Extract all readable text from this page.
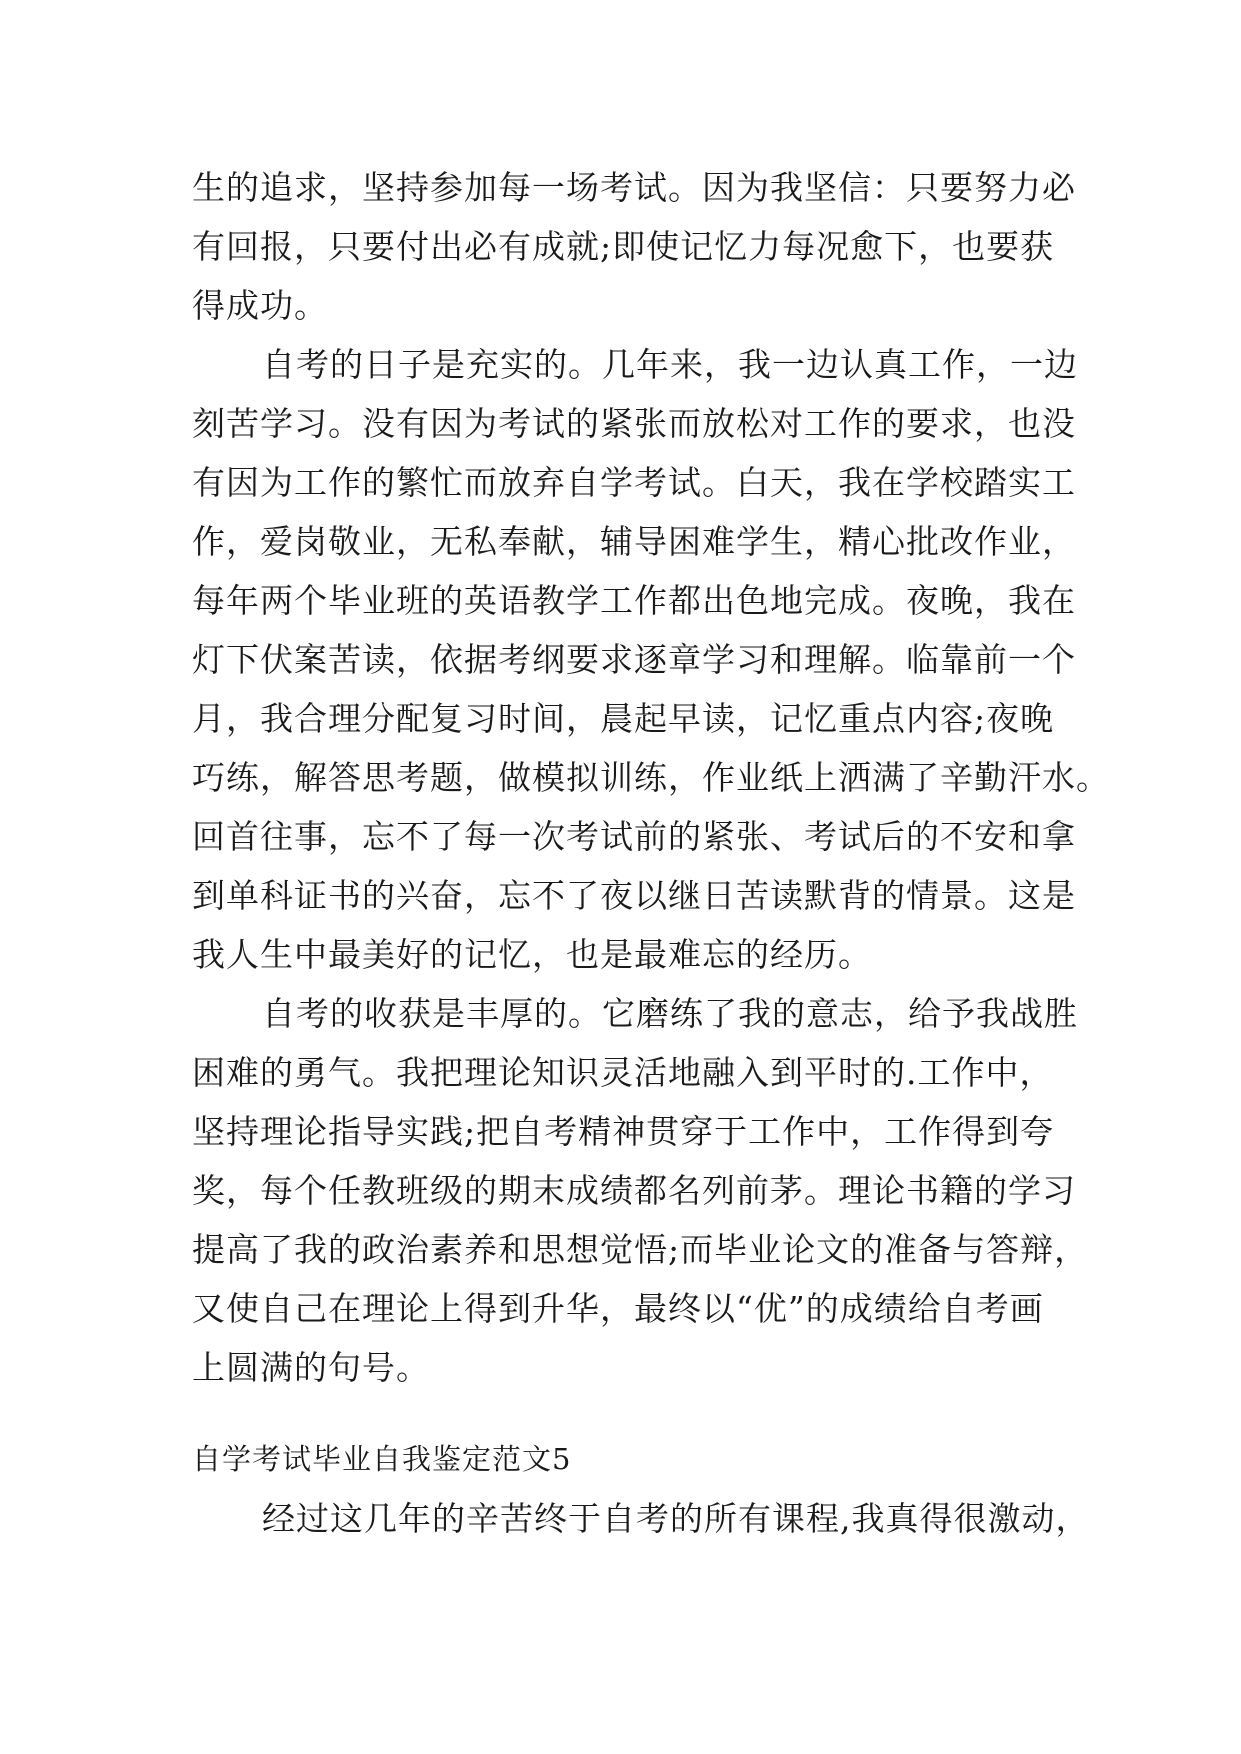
生的追求，坚持参加每一场考试。因为我坚信：只要努力必
有回报，只要付出必有成就;即使记忆力每况愈下，也要获
得成功。
自考的日子是充实的。几年来，我一边认真工作，一边
刻苦学习。没有因为考试的紧张而放松对工作的要求，也没
有因为工作的繁忙而放弃自学考试。白天，我在学校踏实工
作，爱岗敬业，无私奉献，辅导困难学生，精心批改作业，
每年两个毕业班的英语教学工作都出色地完成。夜晚，我在
灯下伏案苦读，依据考纲要求逐章学习和理解。临靠前一个
月，我合理分配复习时间，晨起早读，记忆重点内容;夜晚
巧练，解答思考题，做模拟训练，作业纸上洒满了辛勤汗水。
回首往事，忘不了每一次考试前的紧张、考试后的不安和拿
到单科证书的兴奋，忘不了夜以继日苦读默背的情景。这是
我人生中最美好的记忆，也是最难忘的经历。
自考的收获是丰厚的。它磨练了我的意志，给予我战胜
困难的勇气。我把理论知识灵活地融入到平时的.工作中，
坚持理论指导实践;把自考精神贯穿于工作中，工作得到夸
奖，每个任教班级的期末成绩都名列前茅。理论书籍的学习
提高了我的政治素养和思想觉悟;而毕业论文的准备与答辩，
又使自己在理论上得到升华，最终以“优”的成绩给自考画
上圆满的句号。
自学考试毕业自我鉴定范文5
经过这几年的辛苦终于自考的所有课程,我真得很激动，
